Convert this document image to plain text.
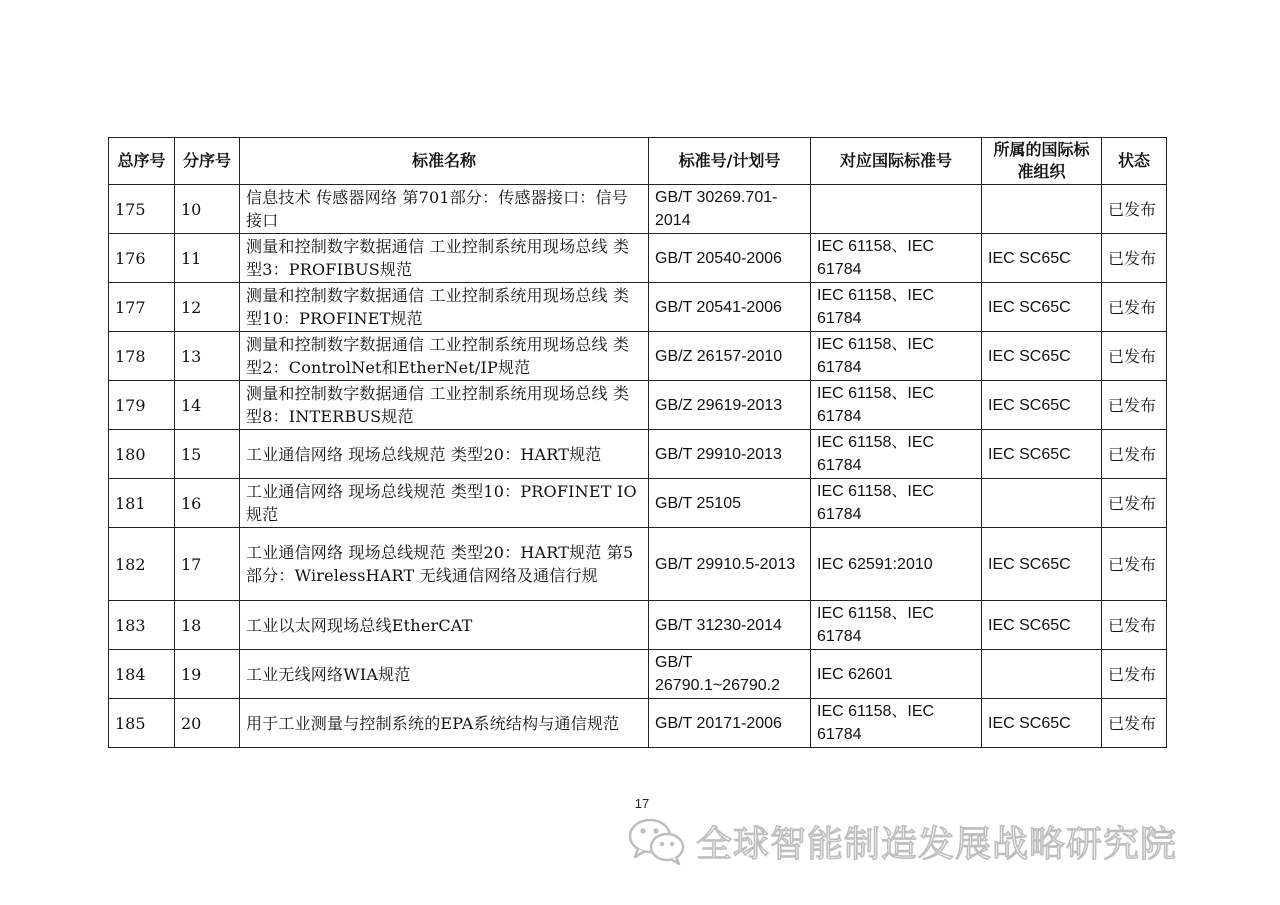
总序号	分序号	标准名称	标准号/计划号	对应国际标准号	所属的国际标准组织	状态
175	10	信息技术 传感器网络 第701部分：传感器接口：信号接口	GB/T 30269.701-2014			已发布
176	11	测量和控制数字数据通信 工业控制系统用现场总线 类型3：PROFIBUS规范	GB/T 20540-2006	IEC 61158、IEC 61784	IEC SC65C	已发布
177	12	测量和控制数字数据通信 工业控制系统用现场总线 类型10：PROFINET规范	GB/T 20541-2006	IEC 61158、IEC 61784	IEC SC65C	已发布
178	13	测量和控制数字数据通信 工业控制系统用现场总线 类型2：ControlNet和EtherNet/IP规范	GB/Z 26157-2010	IEC 61158、IEC 61784	IEC SC65C	已发布
179	14	测量和控制数字数据通信 工业控制系统用现场总线 类型8：INTERBUS规范	GB/Z 29619-2013	IEC 61158、IEC 61784	IEC SC65C	已发布
180	15	工业通信网络 现场总线规范 类型20：HART规范	GB/T 29910-2013	IEC 61158、IEC 61784	IEC SC65C	已发布
181	16	工业通信网络 现场总线规范 类型10：PROFINET IO规范	GB/T 25105	IEC 61158、IEC 61784		已发布
182	17	工业通信网络 现场总线规范 类型20：HART规范 第5部分：WirelessHART 无线通信网络及通信行规	GB/T 29910.5-2013	IEC 62591:2010	IEC SC65C	已发布
183	18	工业以太网现场总线EtherCAT	GB/T 31230-2014	IEC 61158、IEC 61784	IEC SC65C	已发布
184	19	工业无线网络WIA规范	GB/T 26790.1~26790.2	IEC 62601		已发布
185	20	用于工业测量与控制系统的EPA系统结构与通信规范	GB/T 20171-2006	IEC 61158、IEC 61784	IEC SC65C	已发布
17
全球智能制造发展战略研究院
